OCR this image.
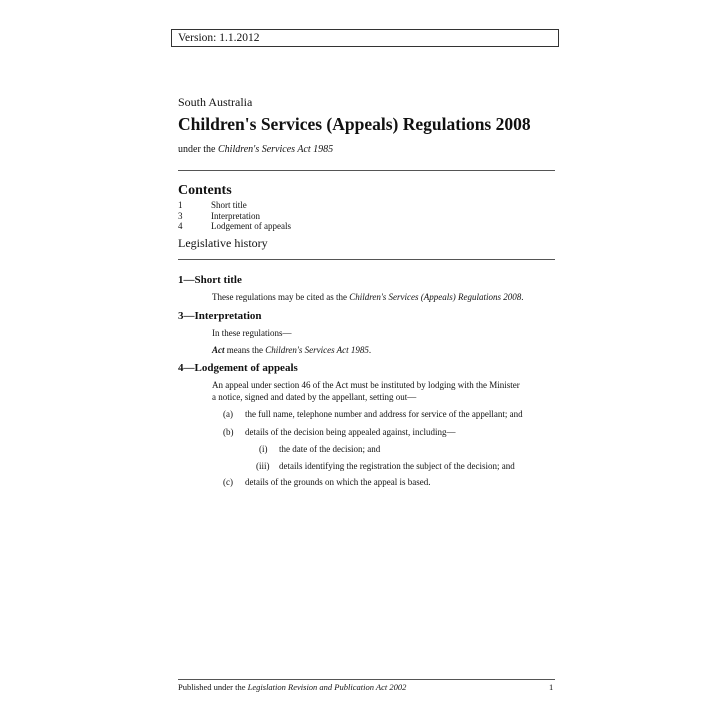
Version: 1.1.2012
South Australia
Children's Services (Appeals) Regulations 2008
under the Children's Services Act 1985
Contents
1	Short title
3	Interpretation
4	Lodgement of appeals
Legislative history
1—Short title
These regulations may be cited as the Children's Services (Appeals) Regulations 2008.
3—Interpretation
In these regulations—
Act means the Children's Services Act 1985.
4—Lodgement of appeals
An appeal under section 46 of the Act must be instituted by lodging with the Minister
a notice, signed and dated by the appellant, setting out—
(a)	the full name, telephone number and address for service of the appellant; and
(b)	details of the decision being appealed against, including—
(i)	the date of the decision; and
(iii)	details identifying the registration the subject of the decision; and
(c)	details of the grounds on which the appeal is based.
Published under the Legislation Revision and Publication Act 2002	1
